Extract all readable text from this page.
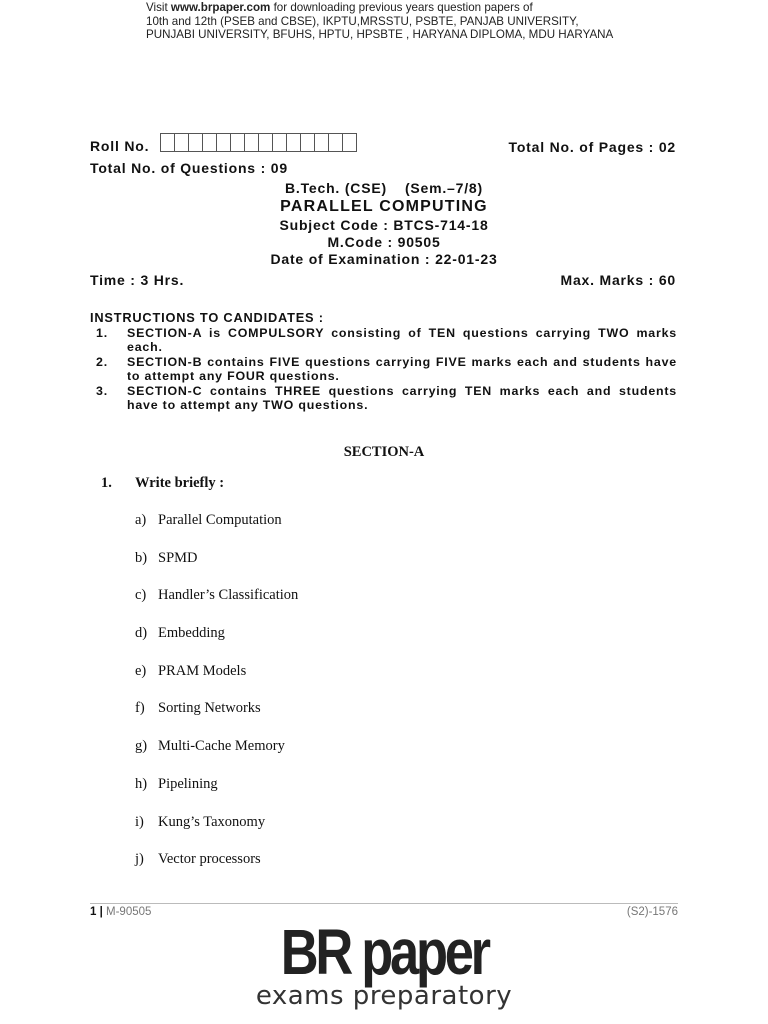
Visit www.brpaper.com for downloading previous years question papers of
10th and 12th (PSEB and CBSE), IKPTU,MRSSTU, PSBTE, PANJAB UNIVERSITY,
PUNJABI UNIVERSITY, BFUHS, HPTU, HPSBTE , HARYANA DIPLOMA, MDU HARYANA
Roll No.	Total No. of Pages : 02
Total No. of Questions : 09
B.Tech. (CSE) (Sem.–7/8)
PARALLEL COMPUTING
Subject Code : BTCS-714-18
M.Code : 90505
Date of Examination : 22-01-23
Time : 3 Hrs.	Max. Marks : 60
INSTRUCTIONS TO CANDIDATES :
1.	SECTION-A is COMPULSORY consisting of TEN questions carrying TWO marks each.
2.	SECTION-B contains FIVE questions carrying FIVE marks each and students have to attempt any FOUR questions.
3.	SECTION-C contains THREE questions carrying TEN marks each and students have to attempt any TWO questions.
SECTION-A
1. Write briefly :
a) Parallel Computation
b) SPMD
c) Handler’s Classification
d) Embedding
e) PRAM Models
f) Sorting Networks
g) Multi-Cache Memory
h) Pipelining
i) Kung’s Taxonomy
j) Vector processors
1 | M-90505	(S2)-1576
BR paper
exams preparatory
